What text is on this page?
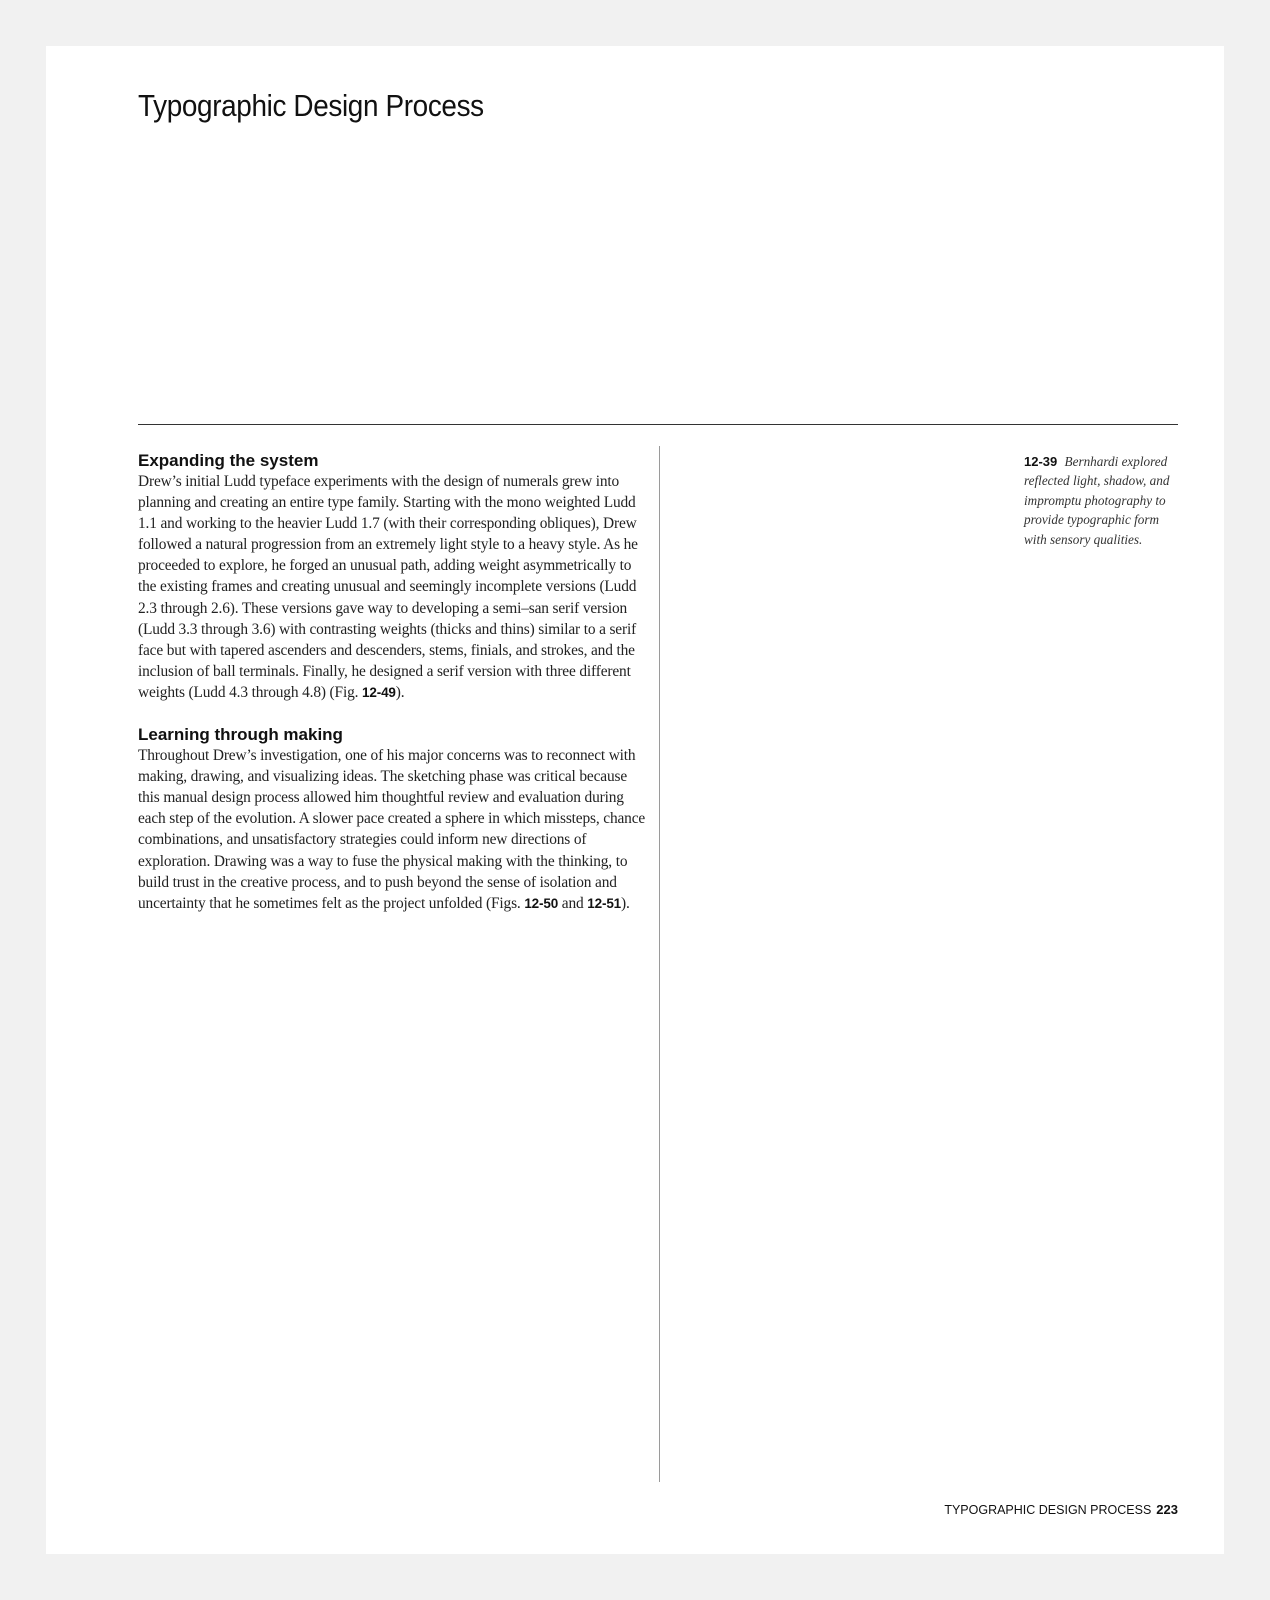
Typographic Design Process
Expanding the system

Drew’s initial Ludd typeface experiments with the design of numerals grew into planning and creating an entire type family. Starting with the mono weighted Ludd 1.1 and working to the heavier Ludd 1.7 (with their corresponding obliques), Drew followed a natural progression from an extremely light style to a heavy style. As he proceeded to explore, he forged an unusual path, adding weight asymmetrically to the existing frames and creating unusual and seemingly incomplete versions (Ludd 2.3 through 2.6). These versions gave way to developing a semi–san serif version (Ludd 3.3 through 3.6) with contrasting weights (thicks and thins) similar to a serif face but with tapered ascenders and descenders, stems, finials, and strokes, and the inclusion of ball terminals. Finally, he designed a serif version with three different weights (Ludd 4.3 through 4.8) (Fig. 12-49).

Learning through making

Throughout Drew’s investigation, one of his major concerns was to reconnect with making, drawing, and visualizing ideas. The sketching phase was critical because this manual design process allowed him thoughtful review and evaluation during each step of the evolution. A slower pace created a sphere in which missteps, chance combinations, and unsatisfactory strategies could inform new directions of exploration. Drawing was a way to fuse the physical making with the thinking, to build trust in the creative process, and to push beyond the sense of isolation and uncertainty that he sometimes felt as the project unfolded (Figs. 12-50 and 12-51).

12-39 Bernhardi explored reflected light, shadow, and impromptu photography to provide typographic form with sensory qualities.
TYPOGRAPHIC DESIGN PROCESS 223
